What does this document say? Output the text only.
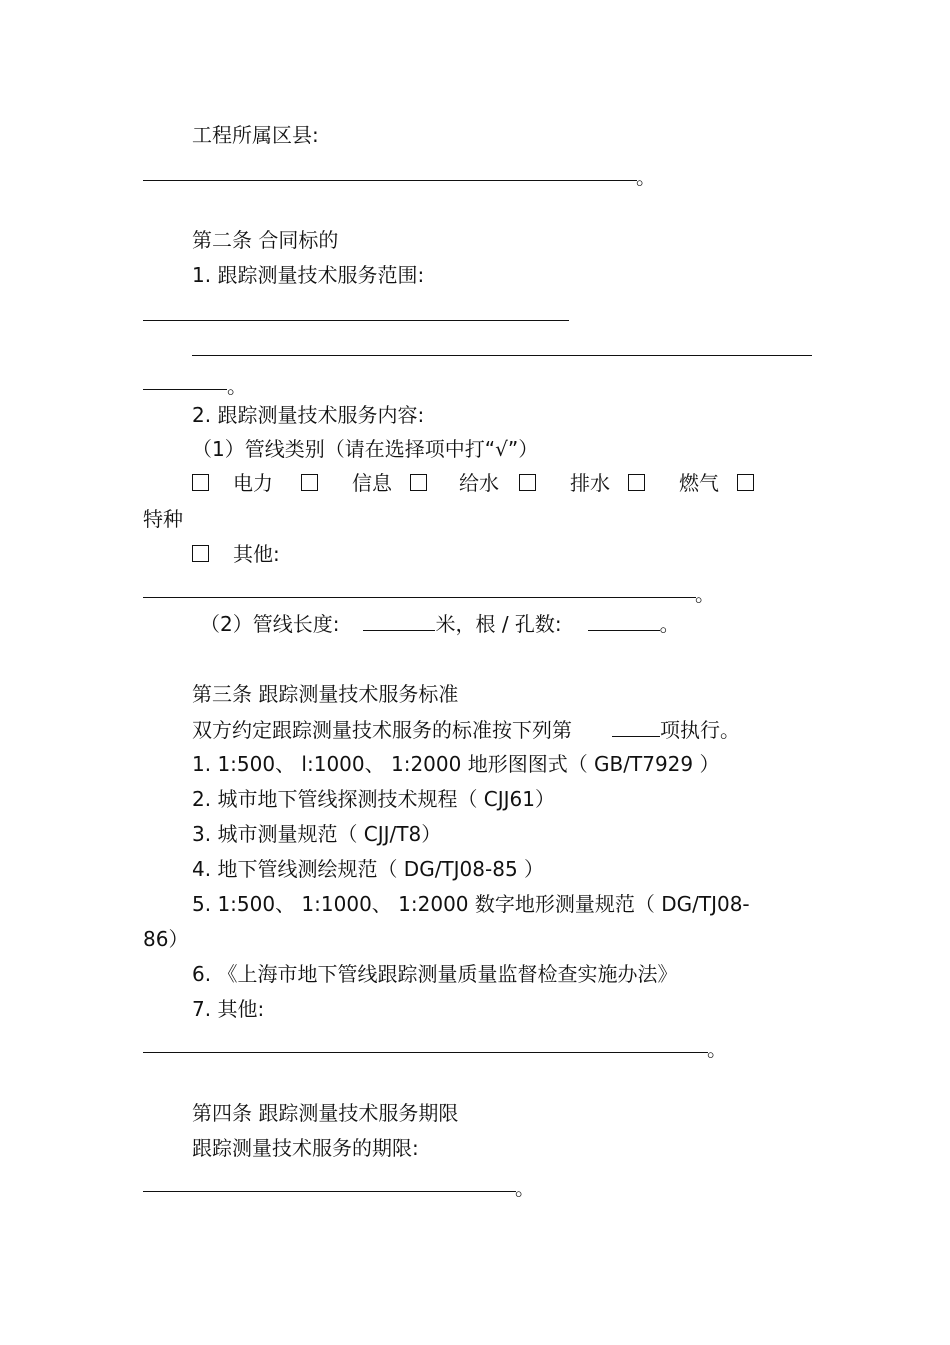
工程所属区县:
。
第二条 合同标的
1. 跟踪测量技术服务范围:
。
2. 跟踪测量技术服务内容:
（1）管线类别（请在选择项中打“√”）
电力	信息	给水	排水	燃气
特种
其他:
。
（2）管线长度:	米，根 / 孔数:	。
第三条 跟踪测量技术服务标准
双方约定跟踪测量技术服务的标准按下列第	项执行。
1. 1:500、 l:1000、 1:2000 地形图图式（ GB/T7929 ）
2. 城市地下管线探测技术规程（ CJJ61）
3. 城市测量规范（ CJJ/T8）
4. 地下管线测绘规范（ DG/TJ08-85 ）
5. 1:500、 1:1000、 1:2000 数字地形测量规范（ DG/TJ08-
86）
6. 《上海市地下管线跟踪测量质量监督检查实施办法》
7. 其他:
。
第四条 跟踪测量技术服务期限
跟踪测量技术服务的期限:
。
